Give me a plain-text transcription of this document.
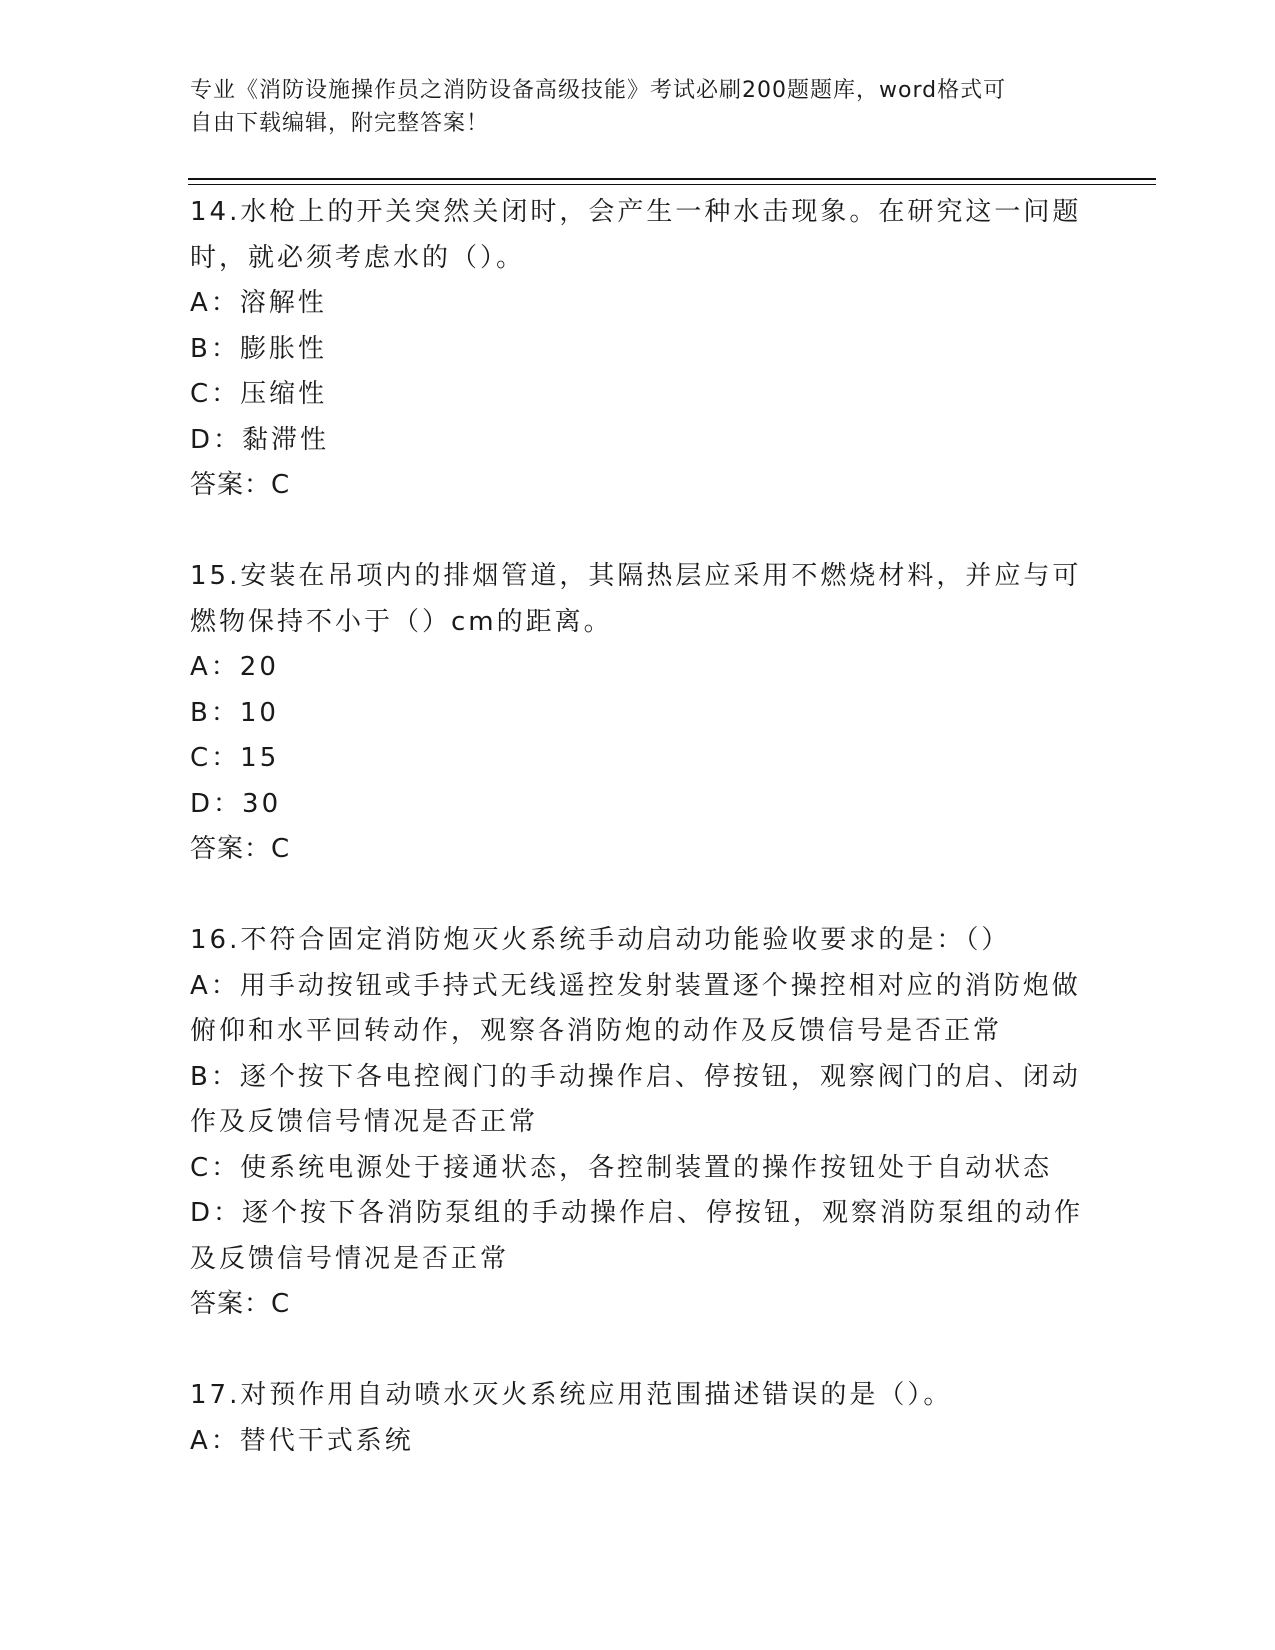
专业《消防设施操作员之消防设备高级技能》考试必刷200题题库，word格式可
自由下载编辑，附完整答案！
14.水枪上的开关突然关闭时，会产生一种水击现象。在研究这一问题
时，就必须考虑水的（）。
A：溶解性
B：膨胀性
C：压缩性
D：黏滞性
答案：C
15.安装在吊项内的排烟管道，其隔热层应采用不燃烧材料，并应与可
燃物保持不小于（）cm的距离。
A：20
B：10
C：15
D：30
答案：C
16.不符合固定消防炮灭火系统手动启动功能验收要求的是：（）
A：用手动按钮或手持式无线遥控发射装置逐个操控相对应的消防炮做
俯仰和水平回转动作，观察各消防炮的动作及反馈信号是否正常
B：逐个按下各电控阀门的手动操作启、停按钮，观察阀门的启、闭动
作及反馈信号情况是否正常
C：使系统电源处于接通状态，各控制装置的操作按钮处于自动状态
D：逐个按下各消防泵组的手动操作启、停按钮，观察消防泵组的动作
及反馈信号情况是否正常
答案：C
17.对预作用自动喷水灭火系统应用范围描述错误的是（）。
A：替代干式系统
